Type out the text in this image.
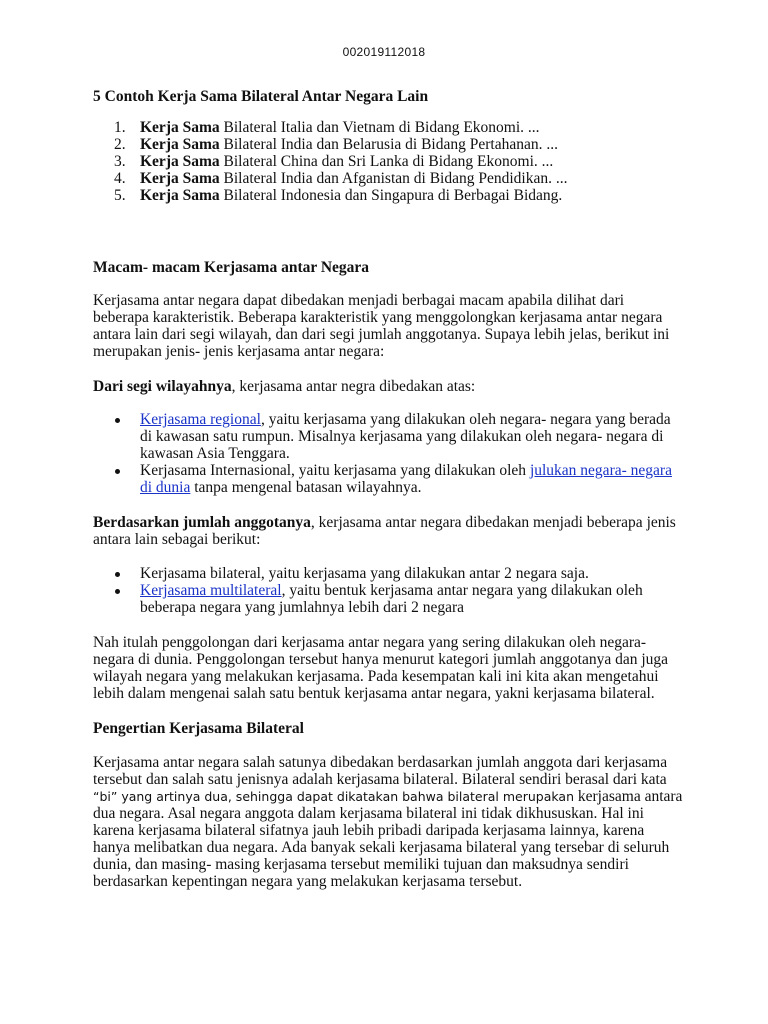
002019112018

5 Contoh Kerja Sama Bilateral Antar Negara Lain

1. Kerja Sama Bilateral Italia dan Vietnam di Bidang Ekonomi. ...
2. Kerja Sama Bilateral India dan Belarusia di Bidang Pertahanan. ...
3. Kerja Sama Bilateral China dan Sri Lanka di Bidang Ekonomi. ...
4. Kerja Sama Bilateral India dan Afganistan di Bidang Pendidikan. ...
5. Kerja Sama Bilateral Indonesia dan Singapura di Berbagai Bidang.

Macam- macam Kerjasama antar Negara

Kerjasama antar negara dapat dibedakan menjadi berbagai macam apabila dilihat dari beberapa karakteristik. Beberapa karakteristik yang menggolongkan kerjasama antar negara antara lain dari segi wilayah, dan dari segi jumlah anggotanya. Supaya lebih jelas, berikut ini merupakan jenis- jenis kerjasama antar negara:

Dari segi wilayahnya, kerjasama antar negra dibedakan atas:

Kerjasama regional, yaitu kerjasama yang dilakukan oleh negara- negara yang berada di kawasan satu rumpun. Misalnya kerjasama yang dilakukan oleh negara- negara di kawasan Asia Tenggara.
Kerjasama Internasional, yaitu kerjasama yang dilakukan oleh julukan negara- negara di dunia tanpa mengenal batasan wilayahnya.

Berdasarkan jumlah anggotanya, kerjasama antar negara dibedakan menjadi beberapa jenis antara lain sebagai berikut:

Kerjasama bilateral, yaitu kerjasama yang dilakukan antar 2 negara saja.
Kerjasama multilateral, yaitu bentuk kerjasama antar negara yang dilakukan oleh beberapa negara yang jumlahnya lebih dari 2 negara

Nah itulah penggolongan dari kerjasama antar negara yang sering dilakukan oleh negara- negara di dunia. Penggolongan tersebut hanya menurut kategori jumlah anggotanya dan juga wilayah negara yang melakukan kerjasama. Pada kesempatan kali ini kita akan mengetahui lebih dalam mengenai salah satu bentuk kerjasama antar negara, yakni kerjasama bilateral.

Pengertian Kerjasama Bilateral

Kerjasama antar negara salah satunya dibedakan berdasarkan jumlah anggota dari kerjasama tersebut dan salah satu jenisnya adalah kerjasama bilateral. Bilateral sendiri berasal dari kata “bi” yang artinya dua, sehingga dapat dikatakan bahwa bilateral merupakan kerjasama antara dua negara. Asal negara anggota dalam kerjasama bilateral ini tidak dikhususkan. Hal ini karena kerjasama bilateral sifatnya jauh lebih pribadi daripada kerjasama lainnya, karena hanya melibatkan dua negara. Ada banyak sekali kerjasama bilateral yang tersebar di seluruh dunia, dan masing- masing kerjasama tersebut memiliki tujuan dan maksudnya sendiri berdasarkan kepentingan negara yang melakukan kerjasama tersebut.
